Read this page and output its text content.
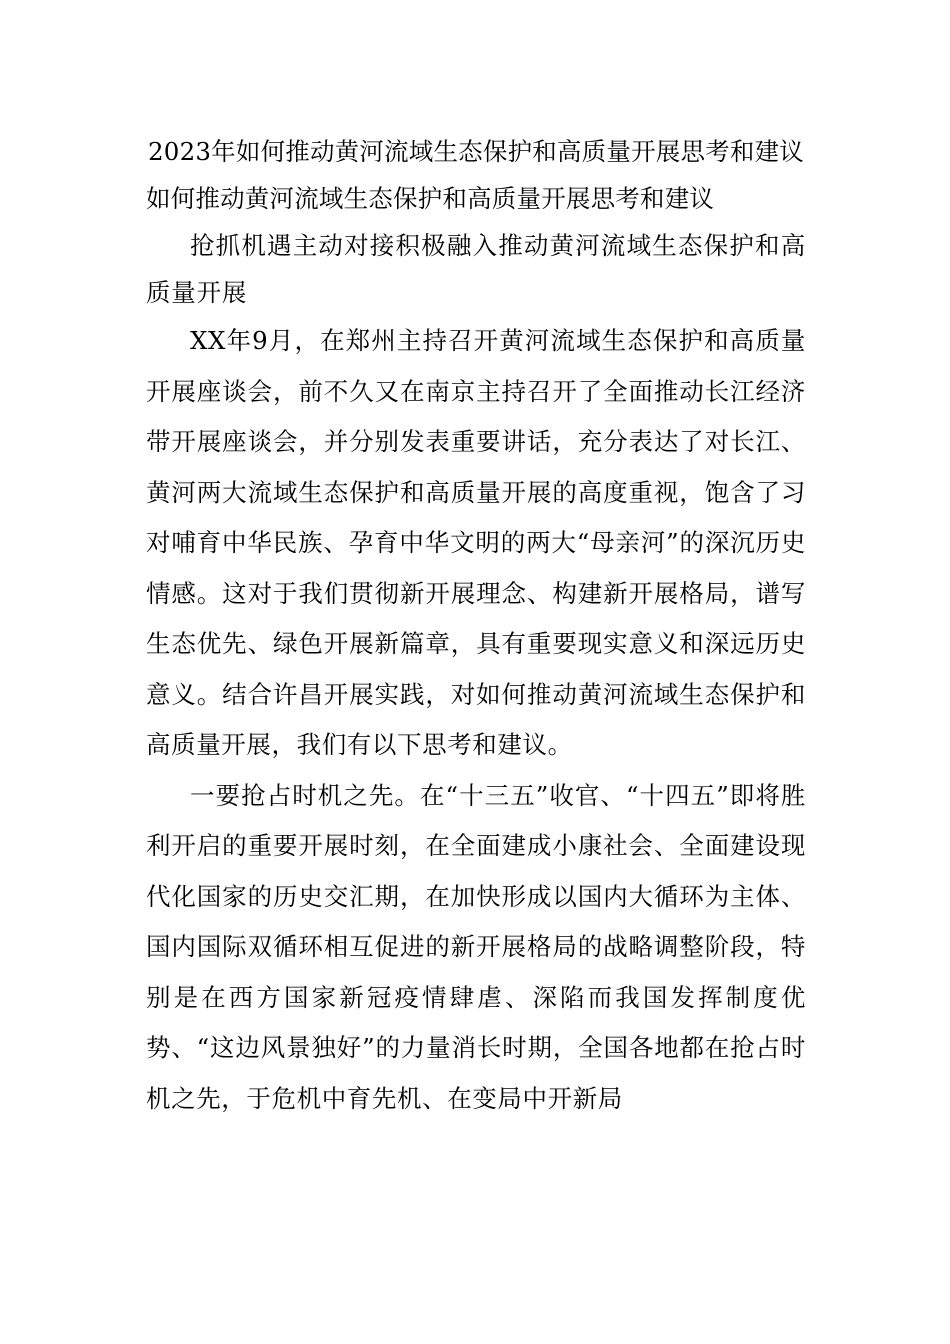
2023年如何推动黄河流域生态保护和高质量开展思考和建议

如何推动黄河流域生态保护和高质量开展思考和建议

抢抓机遇主动对接积极融入推动黄河流域生态保护和高质量开展

XX年9月，在郑州主持召开黄河流域生态保护和高质量开展座谈会，前不久又在南京主持召开了全面推动长江经济带开展座谈会，并分别发表重要讲话，充分表达了对长江、黄河两大流域生态保护和高质量开展的高度重视，饱含了习对哺育中华民族、孕育中华文明的两大“母亲河”的深沉历史情感。这对于我们贯彻新开展理念、构建新开展格局，谱写生态优先、绿色开展新篇章，具有重要现实意义和深远历史意义。结合许昌开展实践，对如何推动黄河流域生态保护和高质量开展，我们有以下思考和建议。

一要抢占时机之先。在“十三五”收官、“十四五”即将胜利开启的重要开展时刻，在全面建成小康社会、全面建设现代化国家的历史交汇期，在加快形成以国内大循环为主体、国内国际双循环相互促进的新开展格局的战略调整阶段，特别是在西方国家新冠疫情肆虐、深陷而我国发挥制度优势、“这边风景独好”的力量消长时期，全国各地都在抢占时机之先，于危机中育先机、在变局中开新局
